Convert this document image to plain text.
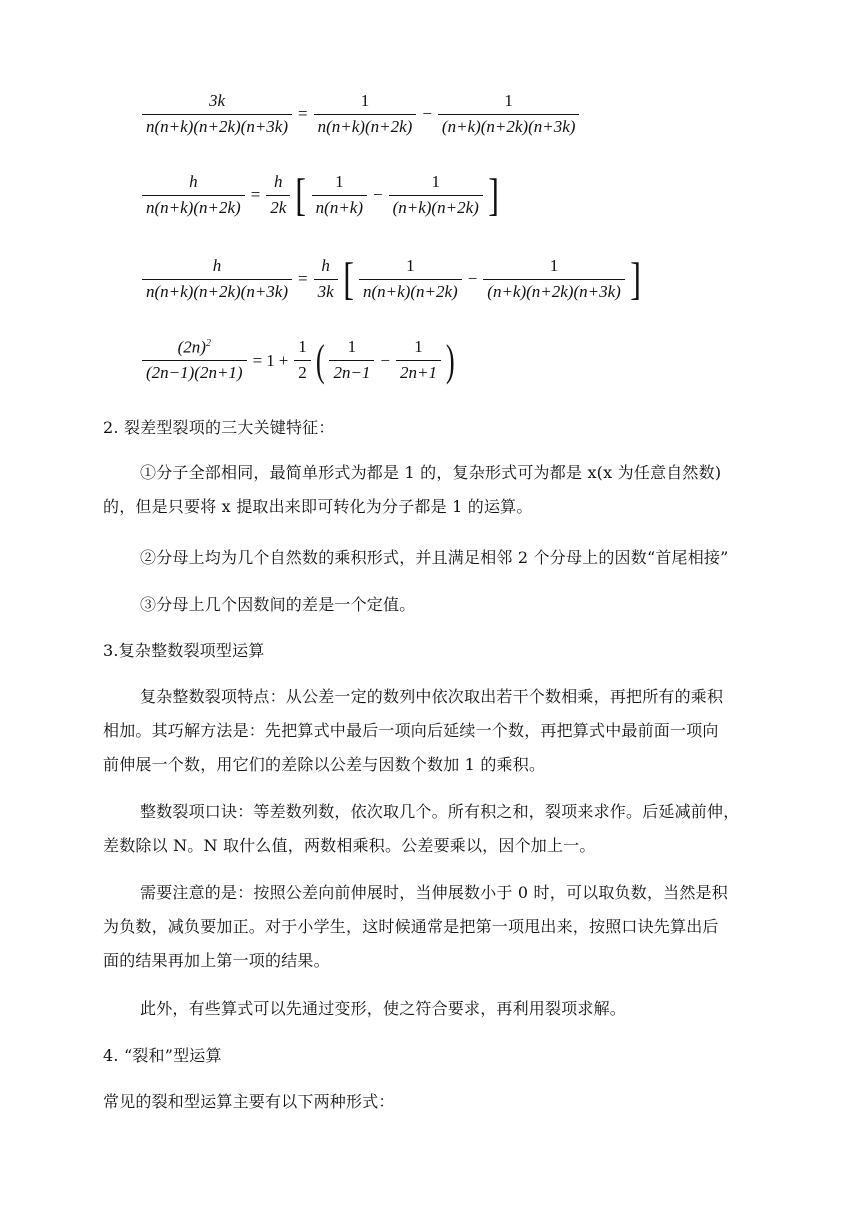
$\frac{3k}{n(n+k)(n+2k)(n+3k)} = \frac{1}{n(n+k)(n+2k)} - \frac{1}{(n+k)(n+2k)(n+3k)}$
$\frac{h}{n(n+k)(n+2k)} = \frac{h}{2k}$ [ $\frac{1}{n(n+k)} - \frac{1}{(n+k)(n+2k)}$ ]
$\frac{h}{n(n+k)(n+2k)(n+3k)} = \frac{h}{3k}$ [ $\frac{1}{n(n+k)(n+2k)} - \frac{1}{(n+k)(n+2k)(n+3k)}$ ]
$\frac{(2n)^2}{(2n-1)(2n+1)} = 1 + \frac{1}{2}$ ( $\frac{1}{2n-1} - \frac{1}{2n+1}$ )
2. 裂差型裂项的三大关键特征：
①分子全部相同，最简单形式为都是 1 的，复杂形式可为都是 x(x 为任意自然数)
的，但是只要将 x 提取出来即可转化为分子都是 1 的运算。
②分母上均为几个自然数的乘积形式，并且满足相邻 2 个分母上的因数“首尾相接”
③分母上几个因数间的差是一个定值。
3.复杂整数裂项型运算
复杂整数裂项特点：从公差一定的数列中依次取出若干个数相乘，再把所有的乘积
相加。其巧解方法是：先把算式中最后一项向后延续一个数，再把算式中最前面一项向
前伸展一个数，用它们的差除以公差与因数个数加 1 的乘积。
整数裂项口诀：等差数列数，依次取几个。所有积之和，裂项来求作。后延减前伸，
差数除以 N。N 取什么值，两数相乘积。公差要乘以，因个加上一。
需要注意的是：按照公差向前伸展时，当伸展数小于 0 时，可以取负数，当然是积
为负数，减负要加正。对于小学生，这时候通常是把第一项甩出来，按照口诀先算出后
面的结果再加上第一项的结果。
此外，有些算式可以先通过变形，使之符合要求，再利用裂项求解。
4. “裂和”型运算
常见的裂和型运算主要有以下两种形式：
